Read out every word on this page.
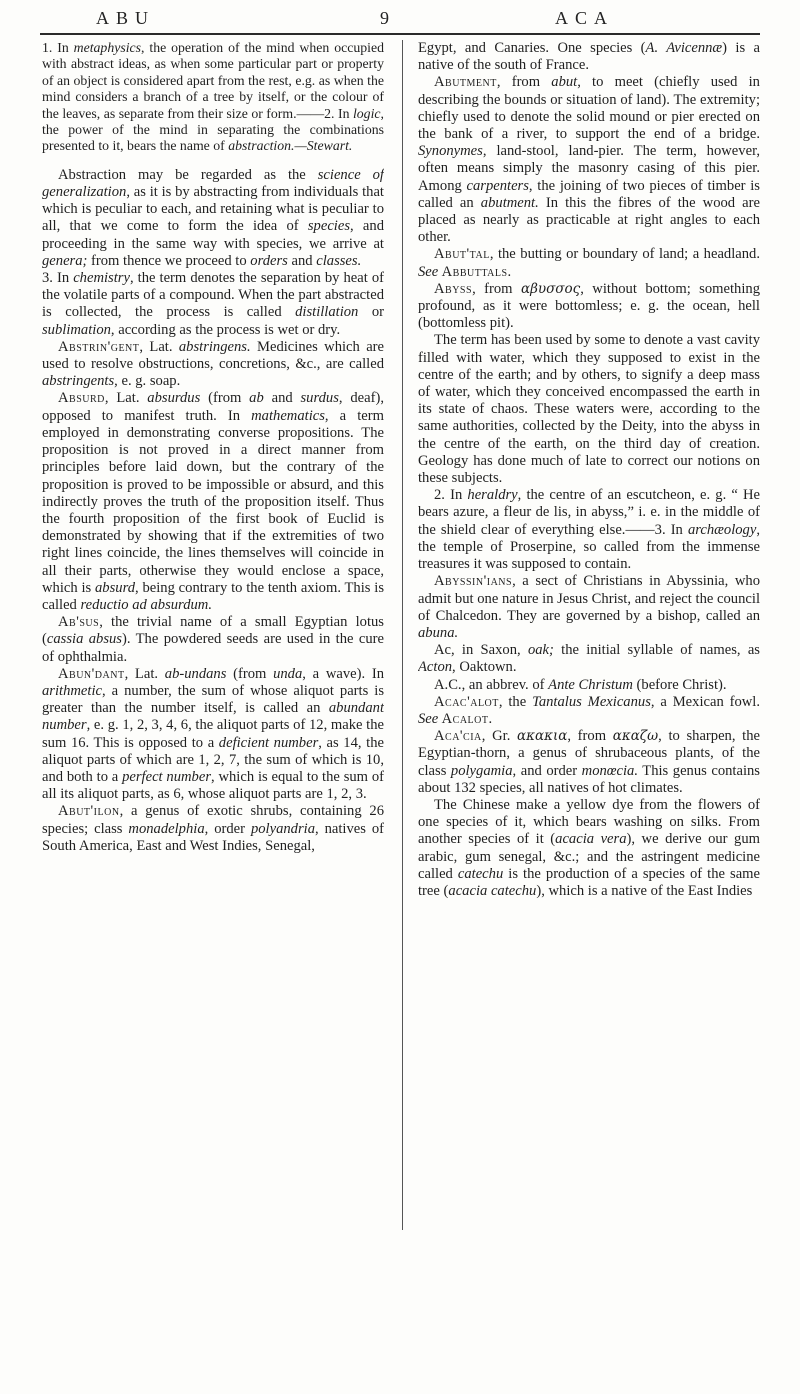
ABU	9	ACA

1. In metaphysics, the operation of the mind when occupied with abstract ideas, as when some particular part or property of an object is considered apart from the rest, e.g. as when the mind considers a branch of a tree by itself, or the colour of the leaves, as separate from their size or form.——2. In logic, the power of the mind in separating the combinations presented to it, bears the name of abstraction.—Stewart.

Abstraction may be regarded as the science of generalization, as it is by abstracting from individuals that which is peculiar to each, and retaining what is peculiar to all, that we come to form the idea of species, and proceeding in the same way with species, we arrive at genera; from thence we proceed to orders and classes.

3. In chemistry, the term denotes the separation by heat of the volatile parts of a compound. When the part abstracted is collected, the process is called distillation or sublimation, according as the process is wet or dry.

Abstrin'gent, Lat. abstringens. Medicines which are used to resolve obstructions, concretions, &c., are called abstringents, e. g. soap.

Absurd, Lat. absurdus (from ab and surdus, deaf), opposed to manifest truth. In mathematics, a term employed in demonstrating converse propositions. The proposition is not proved in a direct manner from principles before laid down, but the contrary of the proposition is proved to be impossible or absurd, and this indirectly proves the truth of the proposition itself. Thus the fourth proposition of the first book of Euclid is demonstrated by showing that if the extremities of two right lines coincide, the lines themselves will coincide in all their parts, otherwise they would enclose a space, which is absurd, being contrary to the tenth axiom. This is called reductio ad absurdum.

Ab'sus, the trivial name of a small Egyptian lotus (cassia absus). The powdered seeds are used in the cure of ophthalmia.

Abun'dant, Lat. ab-undans (from unda, a wave). In arithmetic, a number, the sum of whose aliquot parts is greater than the number itself, is called an abundant number, e. g. 1, 2, 3, 4, 6, the aliquot parts of 12, make the sum 16. This is opposed to a deficient number, as 14, the aliquot parts of which are 1, 2, 7, the sum of which is 10, and both to a perfect number, which is equal to the sum of all its aliquot parts, as 6, whose aliquot parts are 1, 2, 3.

Abut'ilon, a genus of exotic shrubs, containing 26 species; class monadelphia, order polyandria, natives of South America, East and West Indies, Senegal,

Egypt, and Canaries. One species (A. Avicennæ) is a native of the south of France.

Abutment, from abut, to meet (chiefly used in describing the bounds or situation of land). The extremity; chiefly used to denote the solid mound or pier erected on the bank of a river, to support the end of a bridge. Synonymes, land-stool, land-pier. The term, however, often means simply the masonry casing of this pier. Among carpenters, the joining of two pieces of timber is called an abutment. In this the fibres of the wood are placed as nearly as practicable at right angles to each other.

Abut'tal, the butting or boundary of land; a headland. See Abbuttals.

Abyss, from αβυσσος, without bottom; something profound, as it were bottomless; e. g. the ocean, hell (bottomless pit).

The term has been used by some to denote a vast cavity filled with water, which they supposed to exist in the centre of the earth; and by others, to signify a deep mass of water, which they conceived encompassed the earth in its state of chaos. These waters were, according to the same authorities, collected by the Deity, into the abyss in the centre of the earth, on the third day of creation. Geology has done much of late to correct our notions on these subjects.

2. In heraldry, the centre of an escutcheon, e. g. “ He bears azure, a fleur de lis, in abyss,” i. e. in the middle of the shield clear of everything else.——3. In archæology, the temple of Proserpine, so called from the immense treasures it was supposed to contain.

Abyssin'ians, a sect of Christians in Abyssinia, who admit but one nature in Jesus Christ, and reject the council of Chalcedon. They are governed by a bishop, called an abuna.

Ac, in Saxon, oak; the initial syllable of names, as Acton, Oaktown.

A.C., an abbrev. of Ante Christum (before Christ).

Acac'alot, the Tantalus Mexicanus, a Mexican fowl. See Acalot.

Aca'cia, Gr. ακακια, from ακαζω, to sharpen, the Egyptian-thorn, a genus of shrubaceous plants, of the class polygamia, and order monœcia. This genus contains about 132 species, all natives of hot climates.

The Chinese make a yellow dye from the flowers of one species of it, which bears washing on silks. From another species of it (acacia vera), we derive our gum arabic, gum senegal, &c.; and the astringent medicine called catechu is the production of a species of the same tree (acacia catechu), which is a native of the East Indies
